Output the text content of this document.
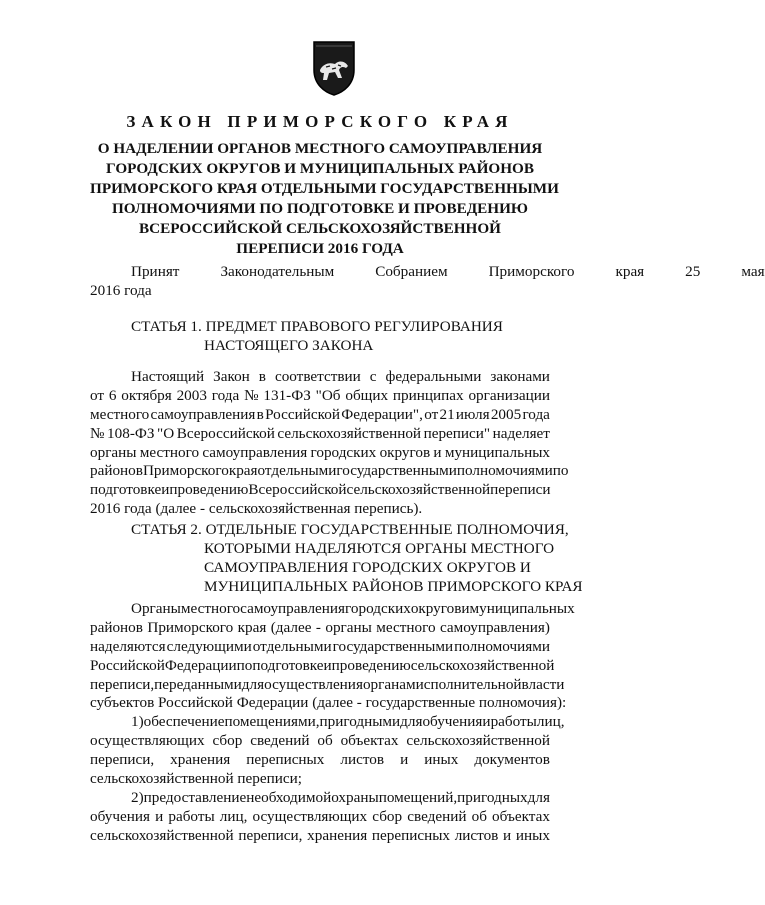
ЗАКОН ПРИМОРСКОГО КРАЯ
О НАДЕЛЕНИИ ОРГАНОВ МЕСТНОГО САМОУПРАВЛЕНИЯ
ГОРОДСКИХ ОКРУГОВ И МУНИЦИПАЛЬНЫХ РАЙОНОВ
ПРИМОРСКОГО КРАЯ ОТДЕЛЬНЫМИ ГОСУДАРСТВЕННЫМИ
ПОЛНОМОЧИЯМИ ПО ПОДГОТОВКЕ И ПРОВЕДЕНИЮ
ВСЕРОССИЙСКОЙ СЕЛЬСКОХОЗЯЙСТВЕННОЙ
ПЕРЕПИСИ 2016 ГОДА
Принят	Законодательным	Собранием	Приморского	края	25	мая
2016 года
СТАТЬЯ 1. ПРЕДМЕТ ПРАВОВОГО РЕГУЛИРОВАНИЯ
НАСТОЯЩЕГО ЗАКОНА
Настоящий Закон в соответствии с федеральными законами
от 6 октября 2003 года № 131-ФЗ "Об общих принципах организации
местного самоуправления в Российской Федерации", от 21 июля 2005 года
№ 108-ФЗ "О Всероссийской сельскохозяйственной переписи" наделяет
органы местного самоуправления городских округов и муниципальных
районов Приморского края отдельными государственными полномочиями по
подготовке и проведению Всероссийской сельскохозяйственной переписи
2016 года (далее - сельскохозяйственная перепись).
СТАТЬЯ 2. ОТДЕЛЬНЫЕ ГОСУДАРСТВЕННЫЕ ПОЛНОМОЧИЯ,
КОТОРЫМИ НАДЕЛЯЮТСЯ ОРГАНЫ МЕСТНОГО
САМОУПРАВЛЕНИЯ ГОРОДСКИХ ОКРУГОВ И
МУНИЦИПАЛЬНЫХ РАЙОНОВ ПРИМОРСКОГО КРАЯ
Органы местного самоуправления городских округов и муниципальных
районов Приморского края (далее - органы местного самоуправления)
наделяются следующими отдельными государственными полномочиями
Российской Федерации по подготовке и проведению сельскохозяйственной
переписи, переданными для осуществления органам исполнительной власти
субъектов Российской Федерации (далее - государственные полномочия):
1)обеспечение помещениями, пригодными для обучения и работы лиц,
осуществляющих сбор сведений об объектах сельскохозяйственной
переписи, хранения переписных листов и иных документов
сельскохозяйственной переписи;
2)предоставление необходимой охраны помещений, пригодных для
обучения и работы лиц, осуществляющих сбор сведений об объектах
сельскохозяйственной переписи, хранения переписных листов и иных
